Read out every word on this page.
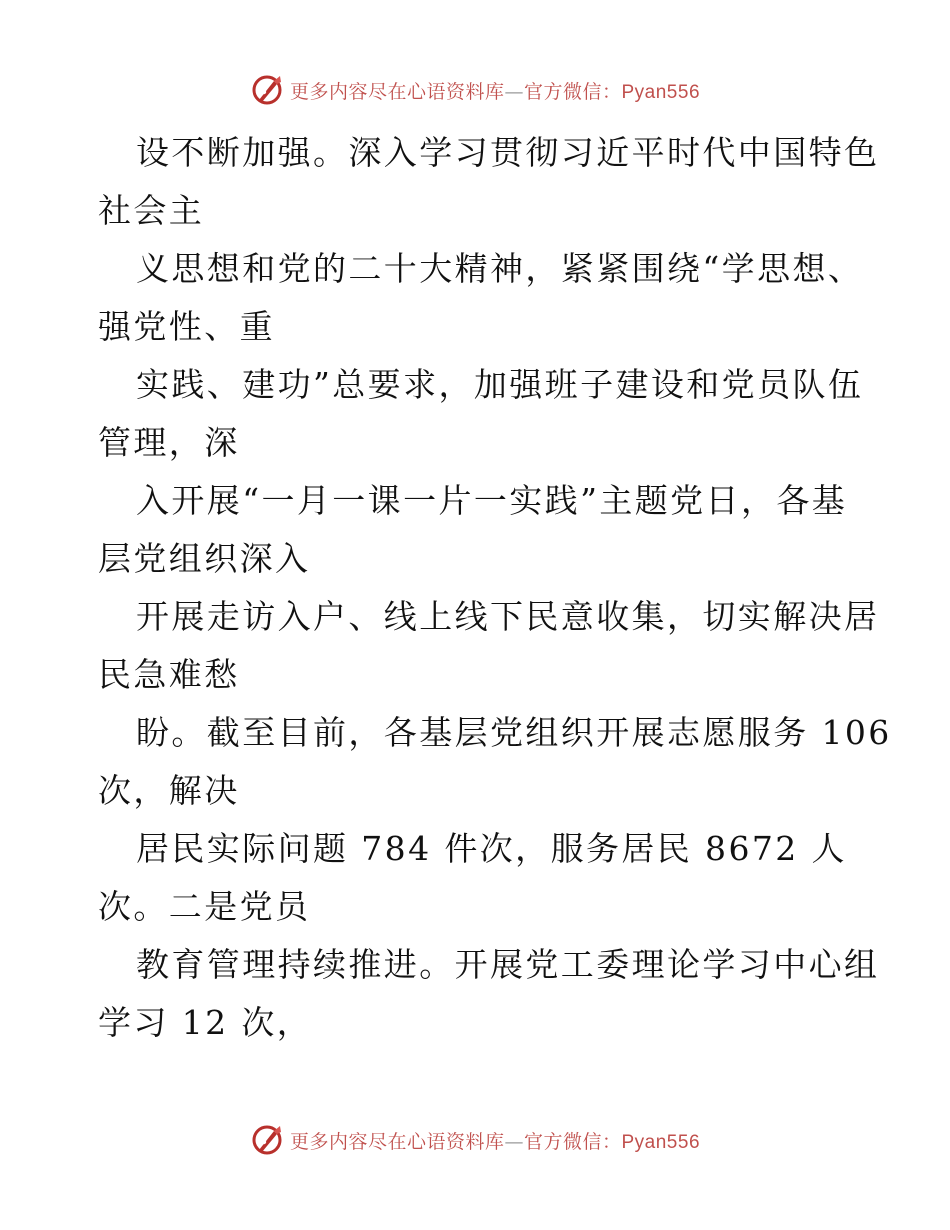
更多内容尽在心语资料库—官方微信：Pyan556
设不断加强。深入学习贯彻习近平时代中国特色
社会主
义思想和党的二十大精神，紧紧围绕“学思想、
强党性、重
实践、建功”总要求，加强班子建设和党员队伍
管理，深
入开展“一月一课一片一实践”主题党日，各基
层党组织深入
开展走访入户、线上线下民意收集，切实解决居
民急难愁
盼。截至目前，各基层党组织开展志愿服务 106
次，解决
居民实际问题 784 件次，服务居民 8672 人
次。二是党员
教育管理持续推进。开展党工委理论学习中心组
学习 12 次，
更多内容尽在心语资料库—官方微信：Pyan556
